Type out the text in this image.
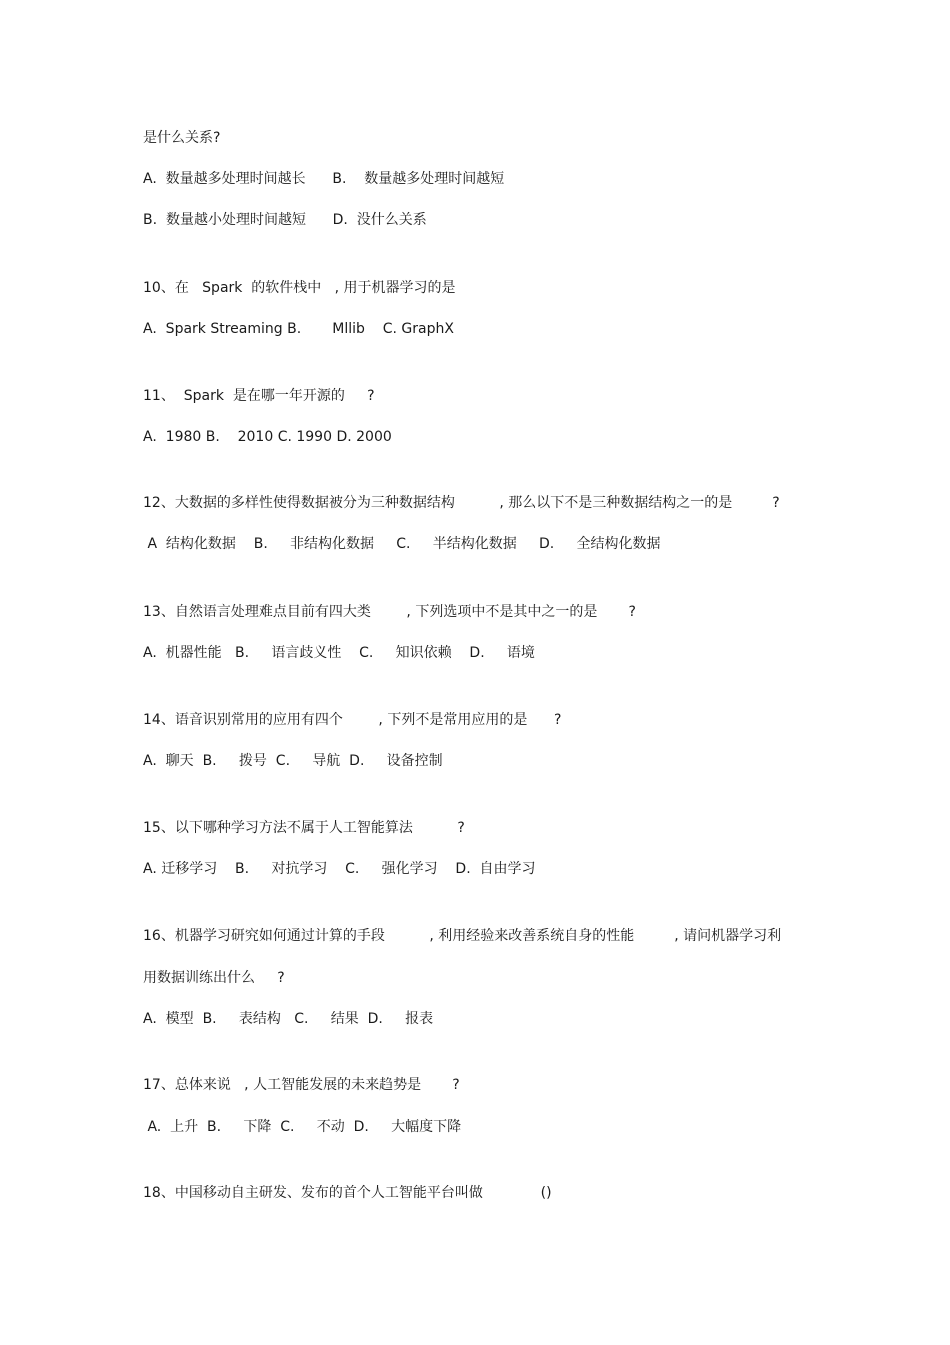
是什么关系?
A.  数量越多处理时间越长      B.    数量越多处理时间越短
B.  数量越小处理时间越短      D.  没什么关系
10、在   Spark  的软件栈中   , 用于机器学习的是
A.  Spark Streaming B.       Mllib    C. GraphX
11、  Spark  是在哪一年开源的     ?
A.  1980 B.    2010 C. 1990 D. 2000
12、大数据的多样性使得数据被分为三种数据结构          , 那么以下不是三种数据结构之一的是         ?
A  结构化数据    B.     非结构化数据     C.     半结构化数据     D.     全结构化数据
13、自然语言处理难点目前有四大类        , 下列选项中不是其中之一的是       ?
A.  机器性能   B.     语言歧义性    C.     知识依赖    D.     语境
14、语音识别常用的应用有四个        , 下列不是常用应用的是      ?
A.  聊天  B.     拨号  C.     导航  D.     设备控制
15、以下哪种学习方法不属于人工智能算法          ?
A. 迁移学习    B.     对抗学习    C.     强化学习    D.  自由学习
16、机器学习研究如何通过计算的手段          , 利用经验来改善系统自身的性能         , 请问机器学习利
用数据训练出什么     ?
A.  模型  B.     表结构   C.     结果  D.     报表
17、总体来说   , 人工智能发展的未来趋势是       ?
A.  上升  B.     下降  C.     不动  D.     大幅度下降
18、中国移动自主研发、发布的首个人工智能平台叫做             ()
